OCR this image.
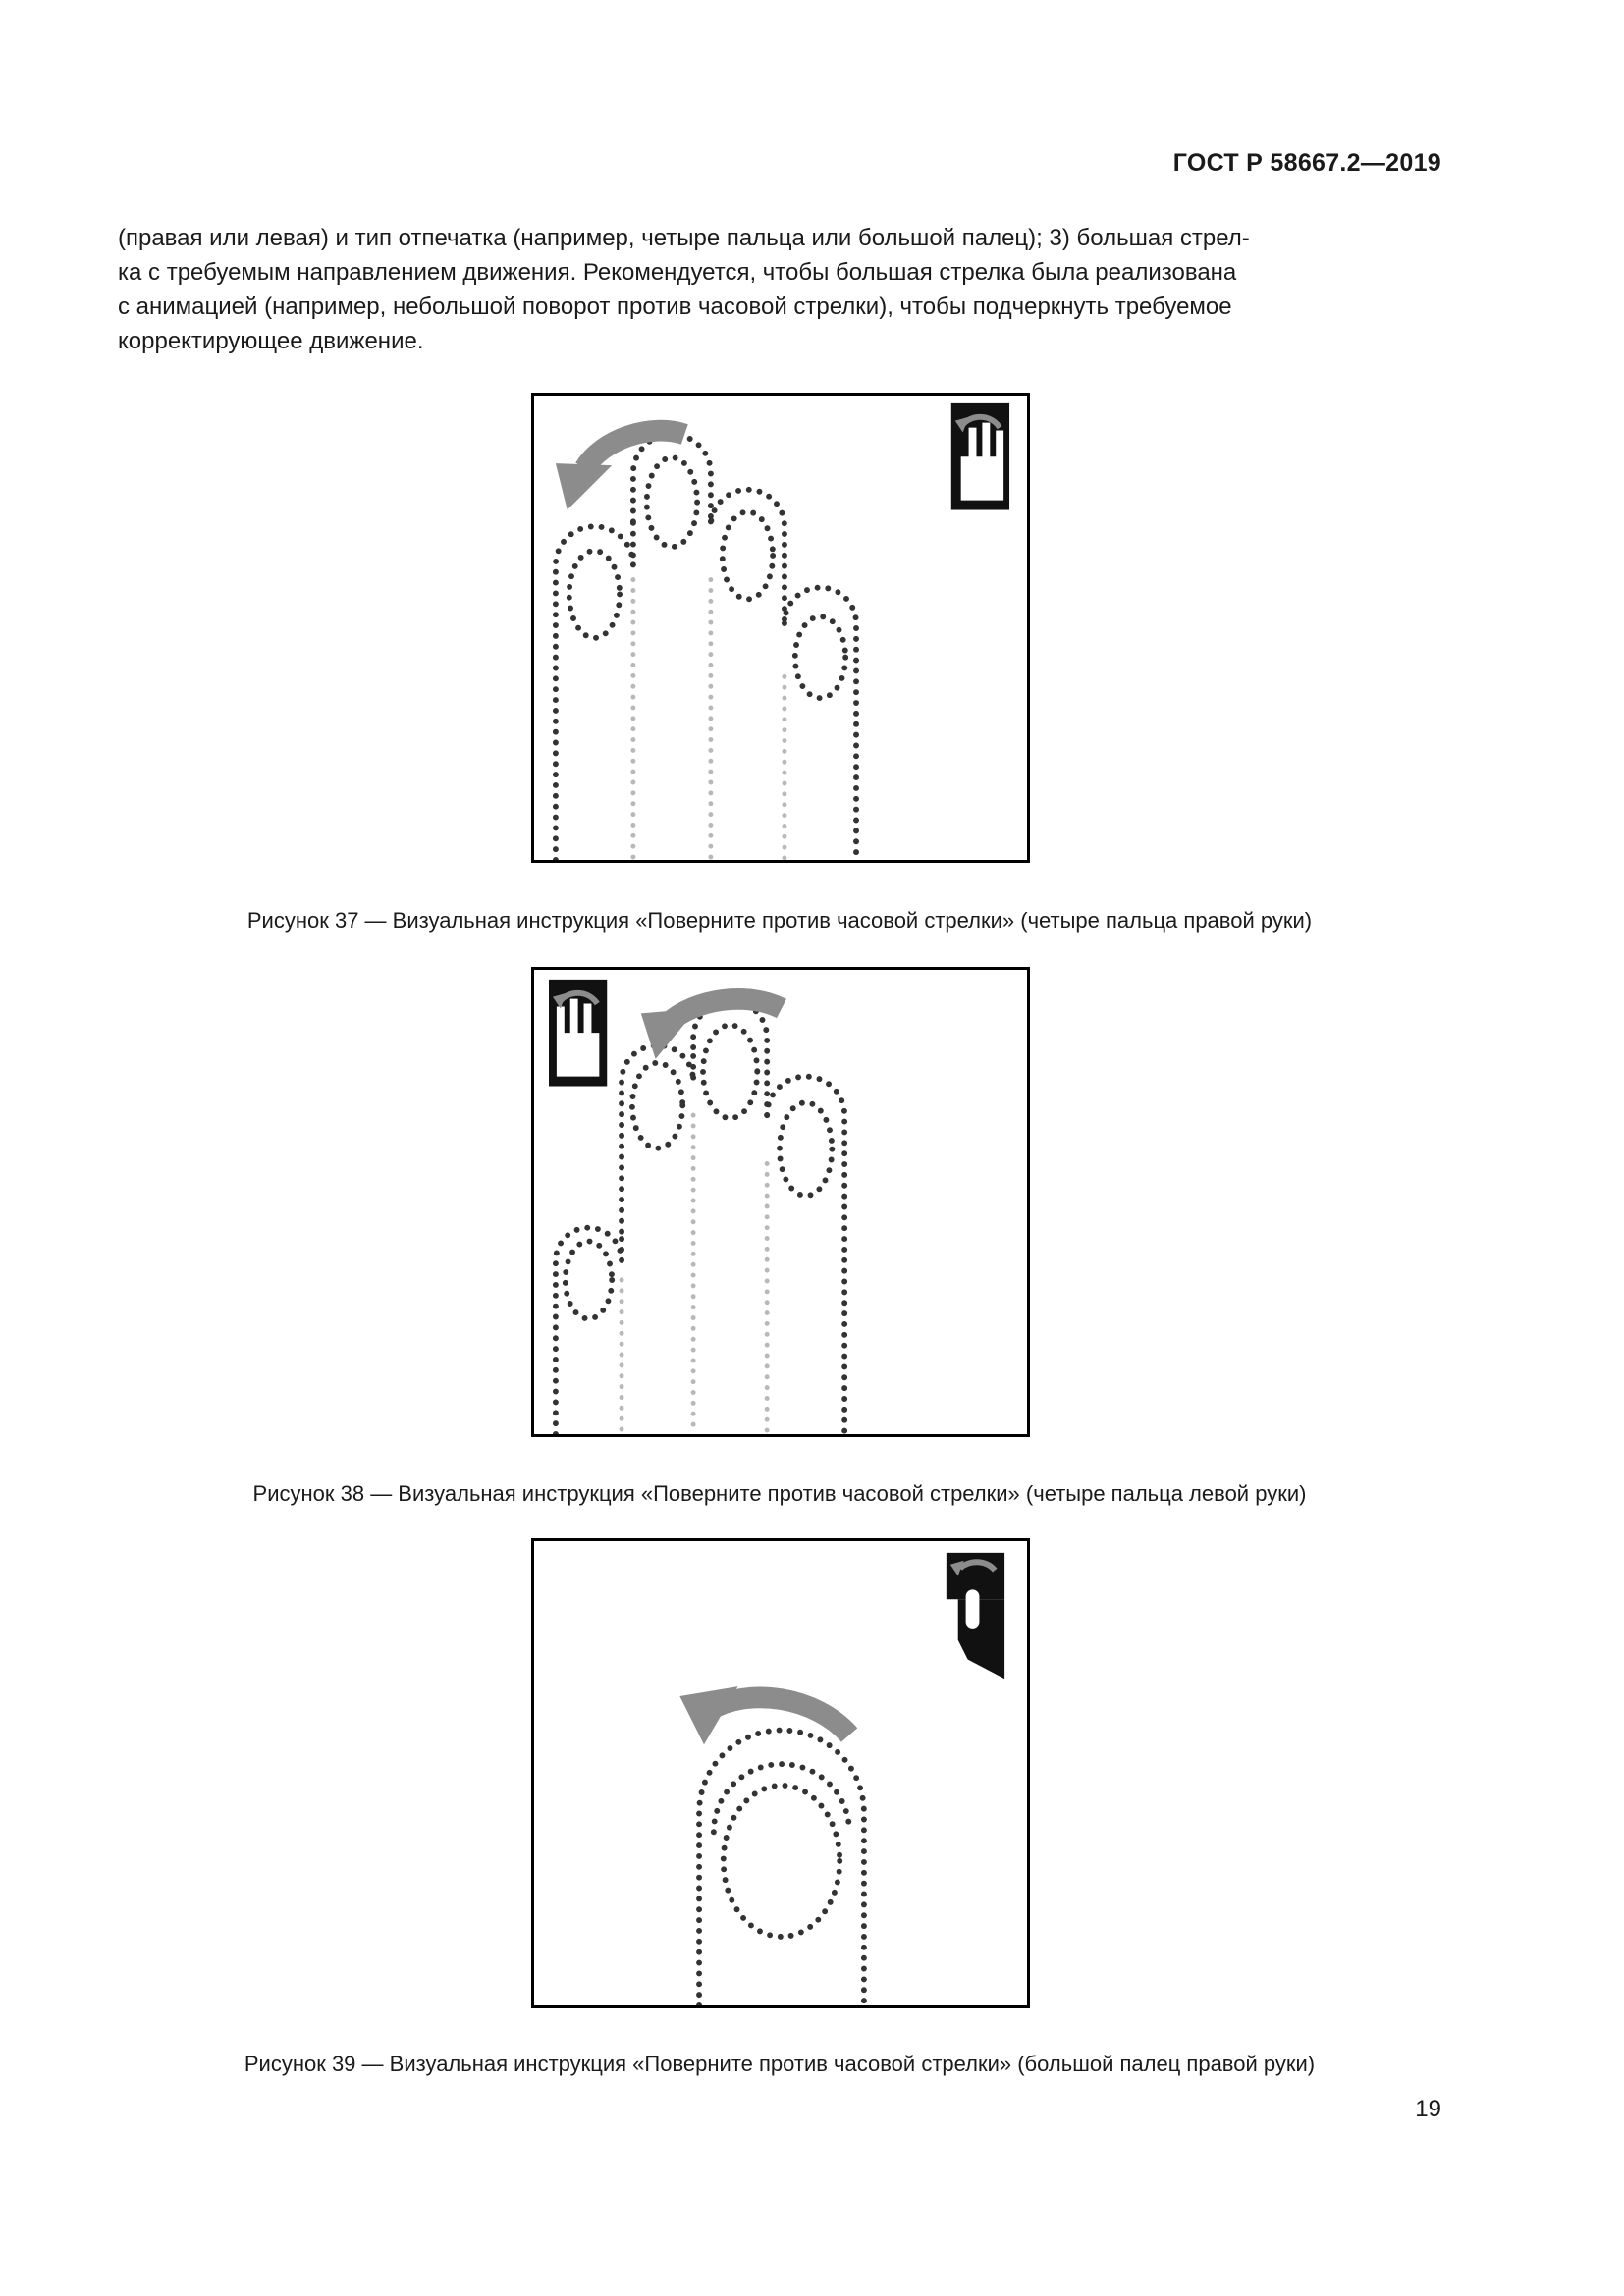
ГОСТ Р 58667.2—2019
(правая или левая) и тип отпечатка (например, четыре пальца или большой палец); 3) большая стрел-
ка с требуемым направлением движения. Рекомендуется, чтобы большая стрелка была реализована
с анимацией (например, небольшой поворот против часовой стрелки), чтобы подчеркнуть требуемое
корректирующее движение.
Рисунок 37 — Визуальная инструкция «Поверните против часовой стрелки» (четыре пальца правой руки)
Рисунок 38 — Визуальная инструкция «Поверните против часовой стрелки» (четыре пальца левой руки)
Рисунок 39 — Визуальная инструкция «Поверните против часовой стрелки» (большой палец правой руки)
19
